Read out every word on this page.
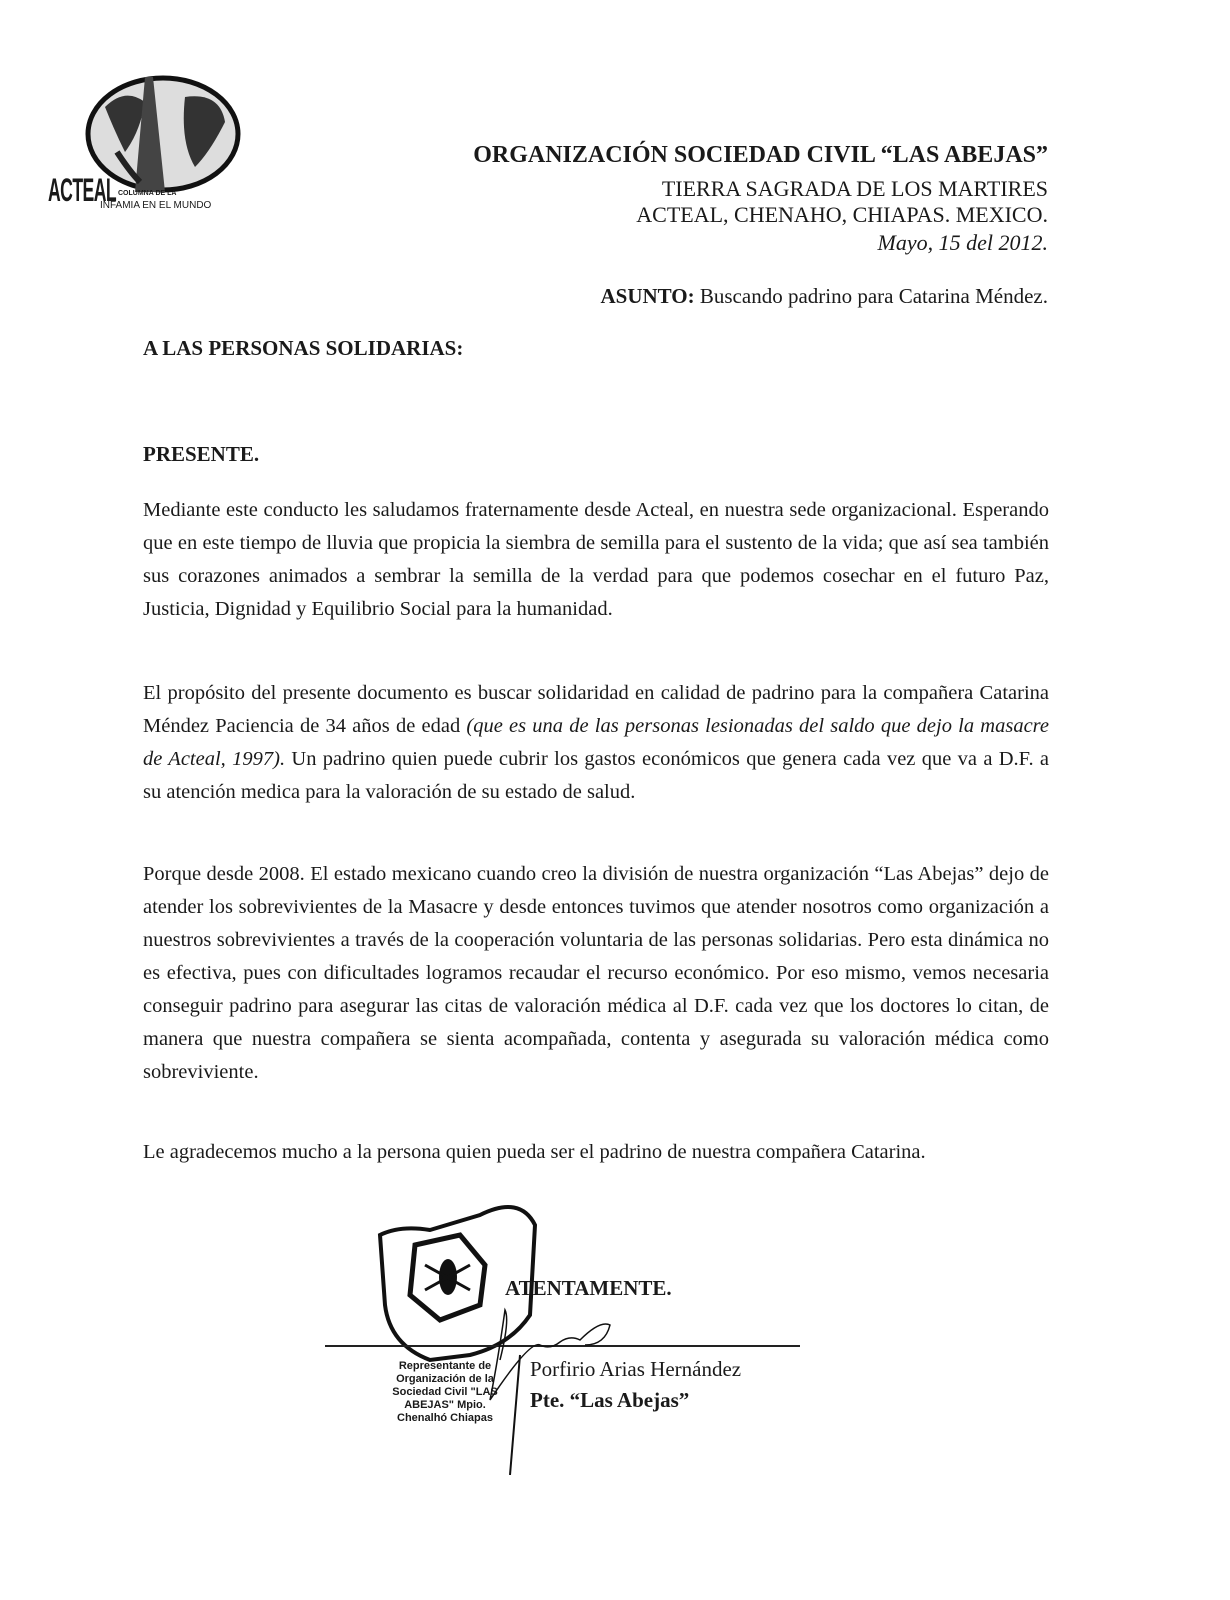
ACTEAL COLUMNA DE LA
INFAMIA EN EL MUNDO
ORGANIZACIÓN SOCIEDAD CIVIL “LAS ABEJAS”
TIERRA SAGRADA DE LOS MARTIRES
ACTEAL, CHENAHO, CHIAPAS. MEXICO.
Mayo, 15 del 2012.
ASUNTO: Buscando padrino para Catarina Méndez.
A LAS PERSONAS SOLIDARIAS:
PRESENTE.
Mediante este conducto les saludamos fraternamente desde Acteal, en nuestra sede organizacional. Esperando que en este tiempo de lluvia que propicia la siembra de semilla para el sustento de la vida; que así sea también sus corazones animados a sembrar la semilla de la verdad para que podemos cosechar en el futuro Paz, Justicia, Dignidad y Equilibrio Social para la humanidad.
El propósito del presente documento es buscar solidaridad en calidad de padrino para la compañera Catarina Méndez Paciencia de 34 años de edad (que es una de las personas lesionadas del saldo que dejo la masacre de Acteal, 1997). Un padrino quien puede cubrir los gastos económicos que genera cada vez que va a D.F. a su atención medica para la valoración de su estado de salud.
Porque desde 2008. El estado mexicano cuando creo la división de nuestra organización “Las Abejas” dejo de atender los sobrevivientes de la Masacre y desde entonces tuvimos que atender nosotros como organización a nuestros sobrevivientes a través de la cooperación voluntaria de las personas solidarias. Pero esta dinámica no es efectiva, pues con dificultades logramos recaudar el recurso económico. Por eso mismo, vemos necesaria conseguir padrino para asegurar las citas de valoración médica al D.F. cada vez que los doctores lo citan, de manera que nuestra compañera se sienta acompañada, contenta y asegurada su valoración médica como sobreviviente.
Le agradecemos mucho a la persona quien pueda ser el padrino de nuestra compañera Catarina.
Representante de Organización de la Sociedad Civil "LAS ABEJAS" Mpio. Chenalhó Chiapas
ATENTAMENTE.
Porfirio Arias Hernández
Pte. “Las Abejas”
